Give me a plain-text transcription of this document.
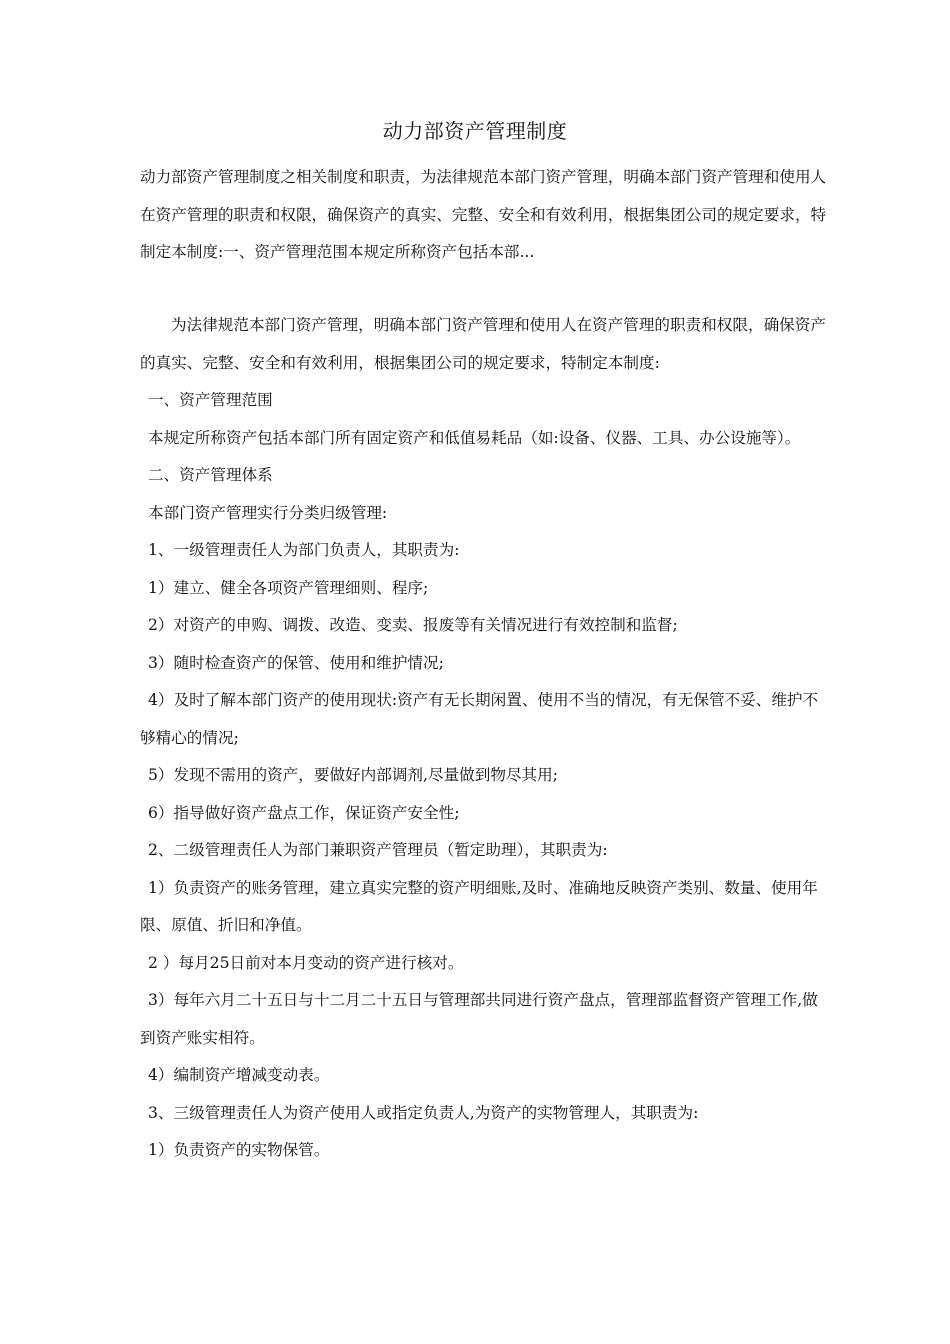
动力部资产管理制度

动力部资产管理制度之相关制度和职责，为法律规范本部门资产管理，明确本部门资产管理和使用人在资产管理的职责和权限，确保资产的真实、完整、安全和有效利用，根据集团公司的规定要求，特制定本制度:一、资产管理范围本规定所称资产包括本部...

为法律规范本部门资产管理，明确本部门资产管理和使用人在资产管理的职责和权限，确保资产的真实、完整、安全和有效利用，根据集团公司的规定要求，特制定本制度:

一、资产管理范围

本规定所称资产包括本部门所有固定资产和低值易耗品（如:设备、仪器、工具、办公设施等）。

二、资产管理体系

本部门资产管理实行分类归级管理:

1、一级管理责任人为部门负责人，其职责为:

1）建立、健全各项资产管理细则、程序;

2）对资产的申购、调拨、改造、变卖、报废等有关情况进行有效控制和监督;

3）随时检查资产的保管、使用和维护情况;

4）及时了解本部门资产的使用现状:资产有无长期闲置、使用不当的情况，有无保管不妥、维护不够精心的情况;

5）发现不需用的资产，要做好内部调剂,尽量做到物尽其用;

6）指导做好资产盘点工作，保证资产安全性;

2、二级管理责任人为部门兼职资产管理员（暂定助理），其职责为:

1）负责资产的账务管理，建立真实完整的资产明细账,及时、准确地反映资产类别、数量、使用年限、原值、折旧和净值。

2 ）每月25日前对本月变动的资产进行核对。

3）每年六月二十五日与十二月二十五日与管理部共同进行资产盘点，管理部监督资产管理工作,做到资产账实相符。

4）编制资产增减变动表。

3、三级管理责任人为资产使用人或指定负责人,为资产的实物管理人，其职责为:

1）负责资产的实物保管。
